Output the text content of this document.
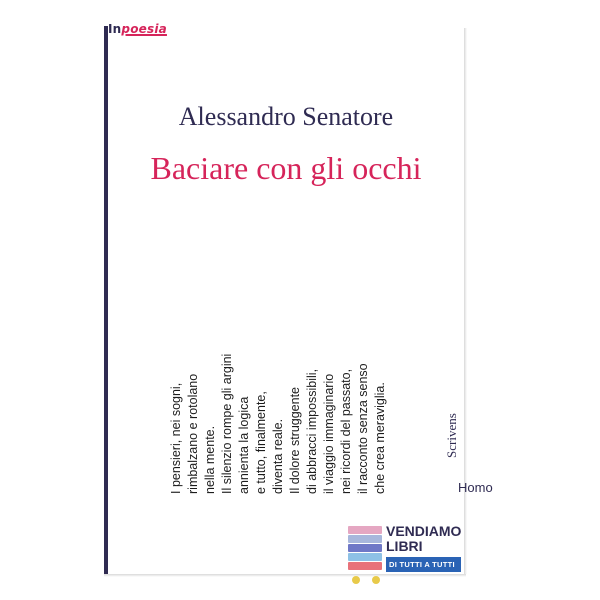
Inpoesia
Alessandro Senatore
Baciare con gli occhi
I pensieri, nei sogni, rimbalzano e rotolano nella mente. Il silenzio rompe gli argini annienta la logica e tutto, finalmente, diventa reale. Il dolore struggente di abbracci impossibili, il viaggio immaginario nei ricordi del passato, il racconto senza senso che crea meraviglia.	Scrivens
Homo
VENDIAMO
LIBRI
DI TUTTI A TUTTI
